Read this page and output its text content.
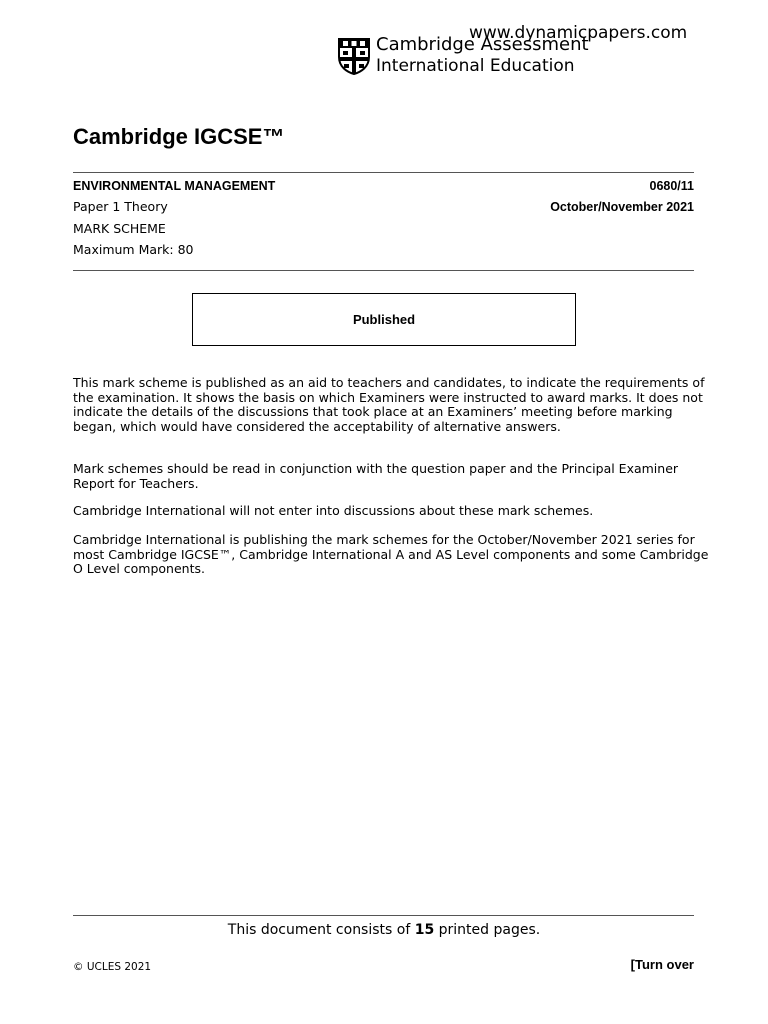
www.dynamicpapers.com
Cambridge Assessment
International Education
Cambridge IGCSE™
ENVIRONMENTAL MANAGEMENT	0680/11
Paper 1 Theory	October/November 2021
MARK SCHEME
Maximum Mark: 80
Published
This mark scheme is published as an aid to teachers and candidates, to indicate the requirements of the examination. It shows the basis on which Examiners were instructed to award marks. It does not indicate the details of the discussions that took place at an Examiners’ meeting before marking began, which would have considered the acceptability of alternative answers.
Mark schemes should be read in conjunction with the question paper and the Principal Examiner Report for Teachers.
Cambridge International will not enter into discussions about these mark schemes.
Cambridge International is publishing the mark schemes for the October/November 2021 series for most Cambridge IGCSE™, Cambridge International A and AS Level components and some Cambridge O Level components.
This document consists of 15 printed pages.
© UCLES 2021	[Turn over
